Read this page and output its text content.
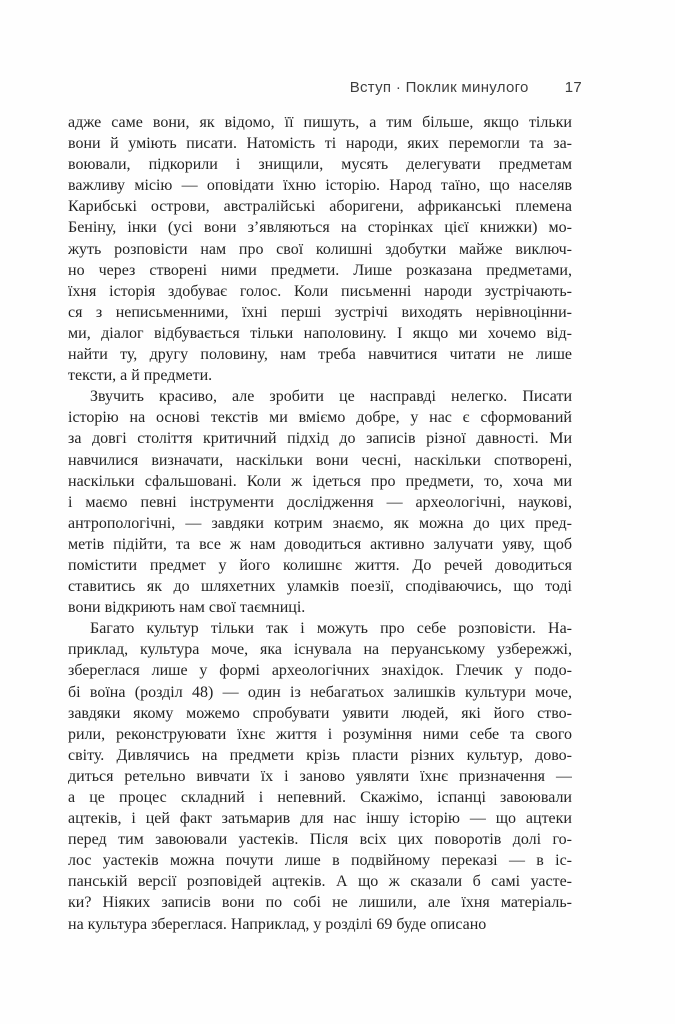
Вступ · Поклик минулого 17
адже саме вони, як відомо, її пишуть, а тим більше, якщо тільки
вони й уміють писати. Натомість ті народи, яких перемогли та за-
воювали, підкорили і знищили, мусять делегувати предметам
важливу місію — оповідати їхню історію. Народ таїно, що населяв
Карибські острови, австралійські аборигени, африканські племена
Беніну, інки (усі вони з’являються на сторінках цієї книжки) мо-
жуть розповісти нам про свої колишні здобутки майже виключ-
но через створені ними предмети. Лише розказана предметами,
їхня історія здобуває голос. Коли письменні народи зустрічають-
ся з неписьменними, їхні перші зустрічі виходять нерівноцінни-
ми, діалог відбувається тільки наполовину. І якщо ми хочемо від-
найти ту, другу половину, нам треба навчитися читати не лише
тексти, а й предмети.
Звучить красиво, але зробити це насправді нелегко. Писати
історію на основі текстів ми вміємо добре, у нас є сформований
за довгі століття критичний підхід до записів різної давності. Ми
навчилися визначати, наскільки вони чесні, наскільки спотворені,
наскільки сфальшовані. Коли ж ідеться про предмети, то, хоча ми
і маємо певні інструменти дослідження — археологічні, наукові,
антропологічні, — завдяки котрим знаємо, як можна до цих пред-
метів підійти, та все ж нам доводиться активно залучати уяву, щоб
помістити предмет у його колишнє життя. До речей доводиться
ставитись як до шляхетних уламків поезії, сподіваючись, що тоді
вони відкриють нам свої таємниці.
Багато культур тільки так і можуть про себе розповісти. На-
приклад, культура моче, яка існувала на перуанському узбережжі,
збереглася лише у формі археологічних знахідок. Глечик у подо-
бі воїна (розділ 48) — один із небагатьох залишків культури моче,
завдяки якому можемо спробувати уявити людей, які його ство-
рили, реконструювати їхнє життя і розуміння ними себе та свого
світу. Дивлячись на предмети крізь пласти різних культур, дово-
диться ретельно вивчати їх і заново уявляти їхнє призначення —
а це процес складний і непевний. Скажімо, іспанці завоювали
ацтеків, і цей факт затьмарив для нас іншу історію — що ацтеки
перед тим завоювали уастеків. Після всіх цих поворотів долі го-
лос уастеків можна почути лише в подвійному переказі — в іс-
панській версії розповідей ацтеків. А що ж сказали б самі уасте-
ки? Ніяких записів вони по собі не лишили, але їхня матеріаль-
на культура збереглася. Наприклад, у розділі 69 буде описано
